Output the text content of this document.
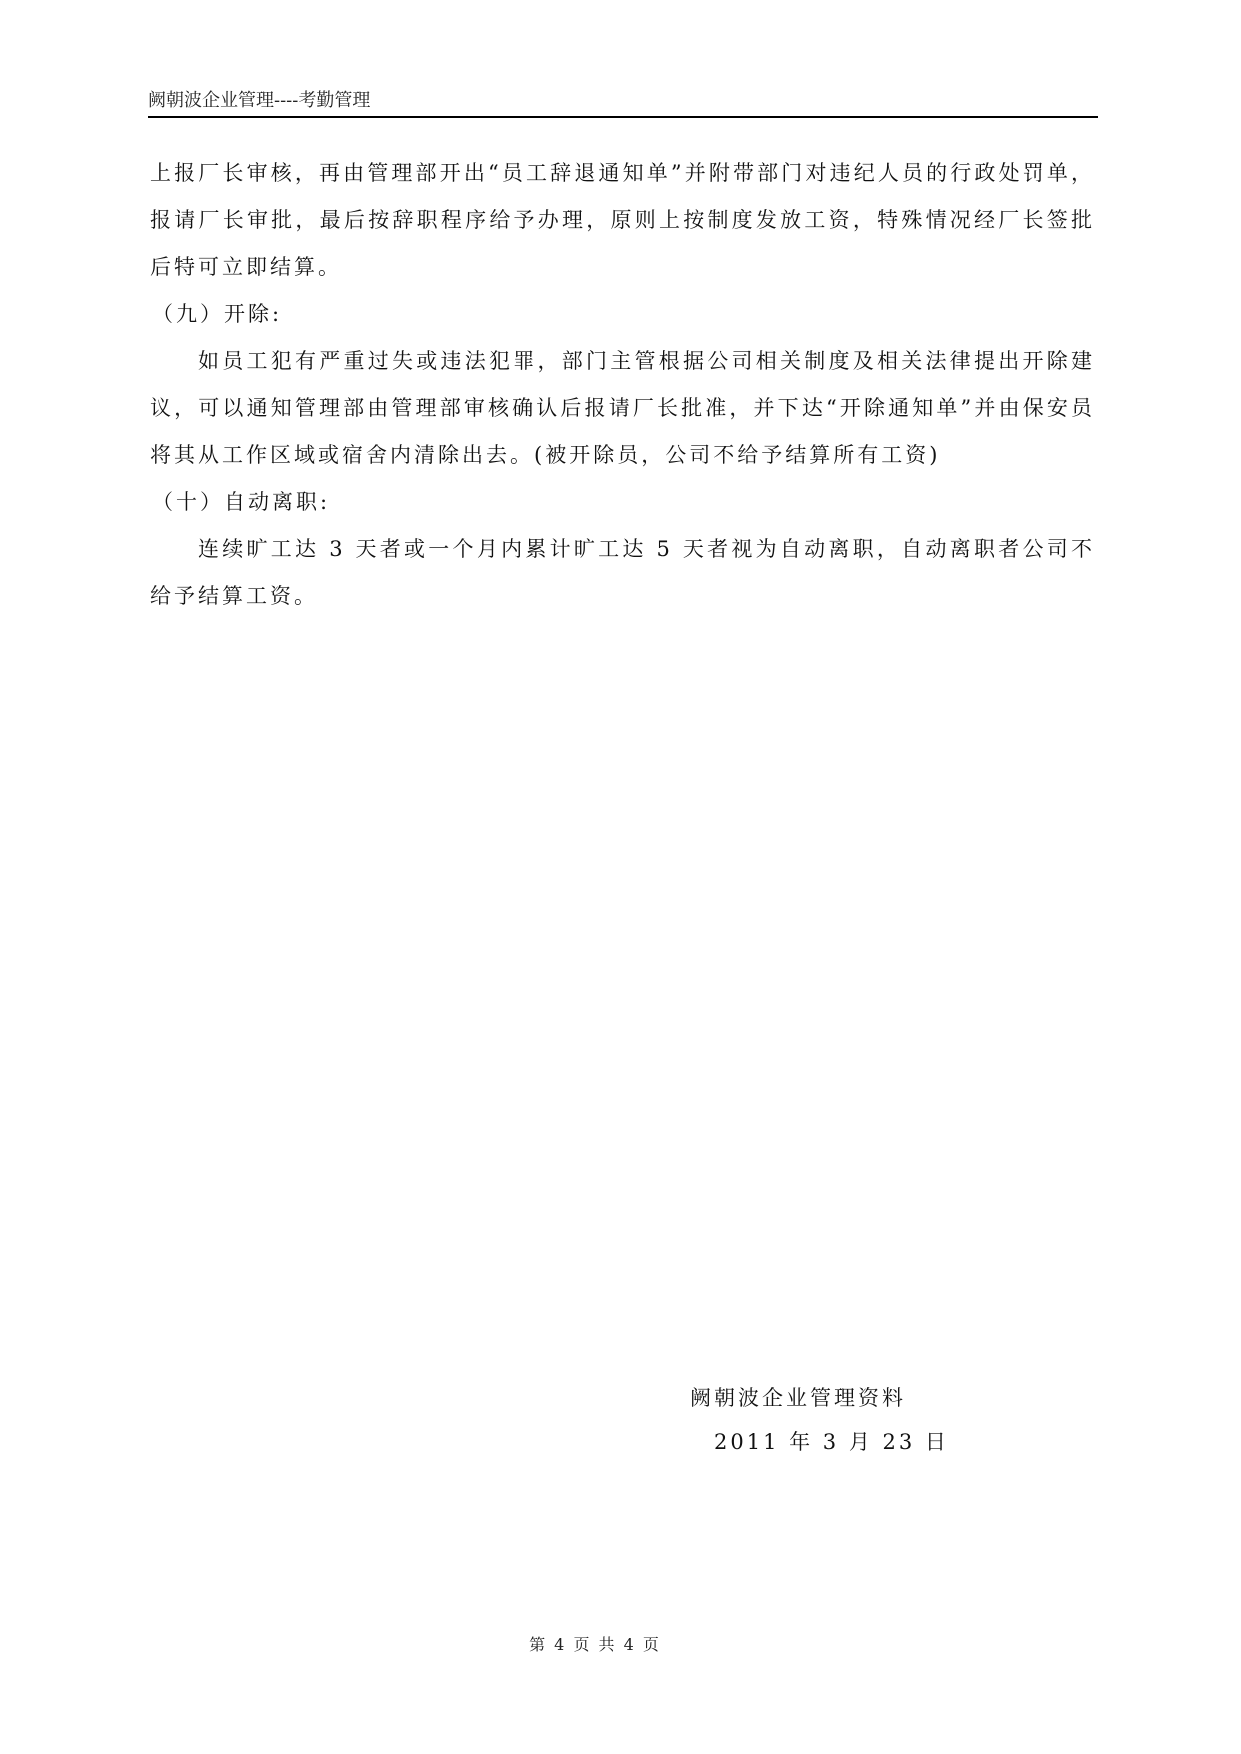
阙朝波企业管理----考勤管理

上报厂长审核，再由管理部开出“员工辞退通知单”并附带部门对违纪人员的行政处罚单，报请厂长审批，最后按辞职程序给予办理，原则上按制度发放工资，特殊情况经厂长签批后特可立即结算。

（九）开除:

如员工犯有严重过失或违法犯罪，部门主管根据公司相关制度及相关法律提出开除建议，可以通知管理部由管理部审核确认后报请厂长批准，并下达“开除通知单”并由保安员将其从工作区域或宿舍内清除出去。(被开除员，公司不给予结算所有工资)

（十）自动离职:

连续旷工达 3 天者或一个月内累计旷工达 5 天者视为自动离职，自动离职者公司不给予结算工资。

阙朝波企业管理资料
2011 年 3 月 23 日
第 4 页 共 4 页
